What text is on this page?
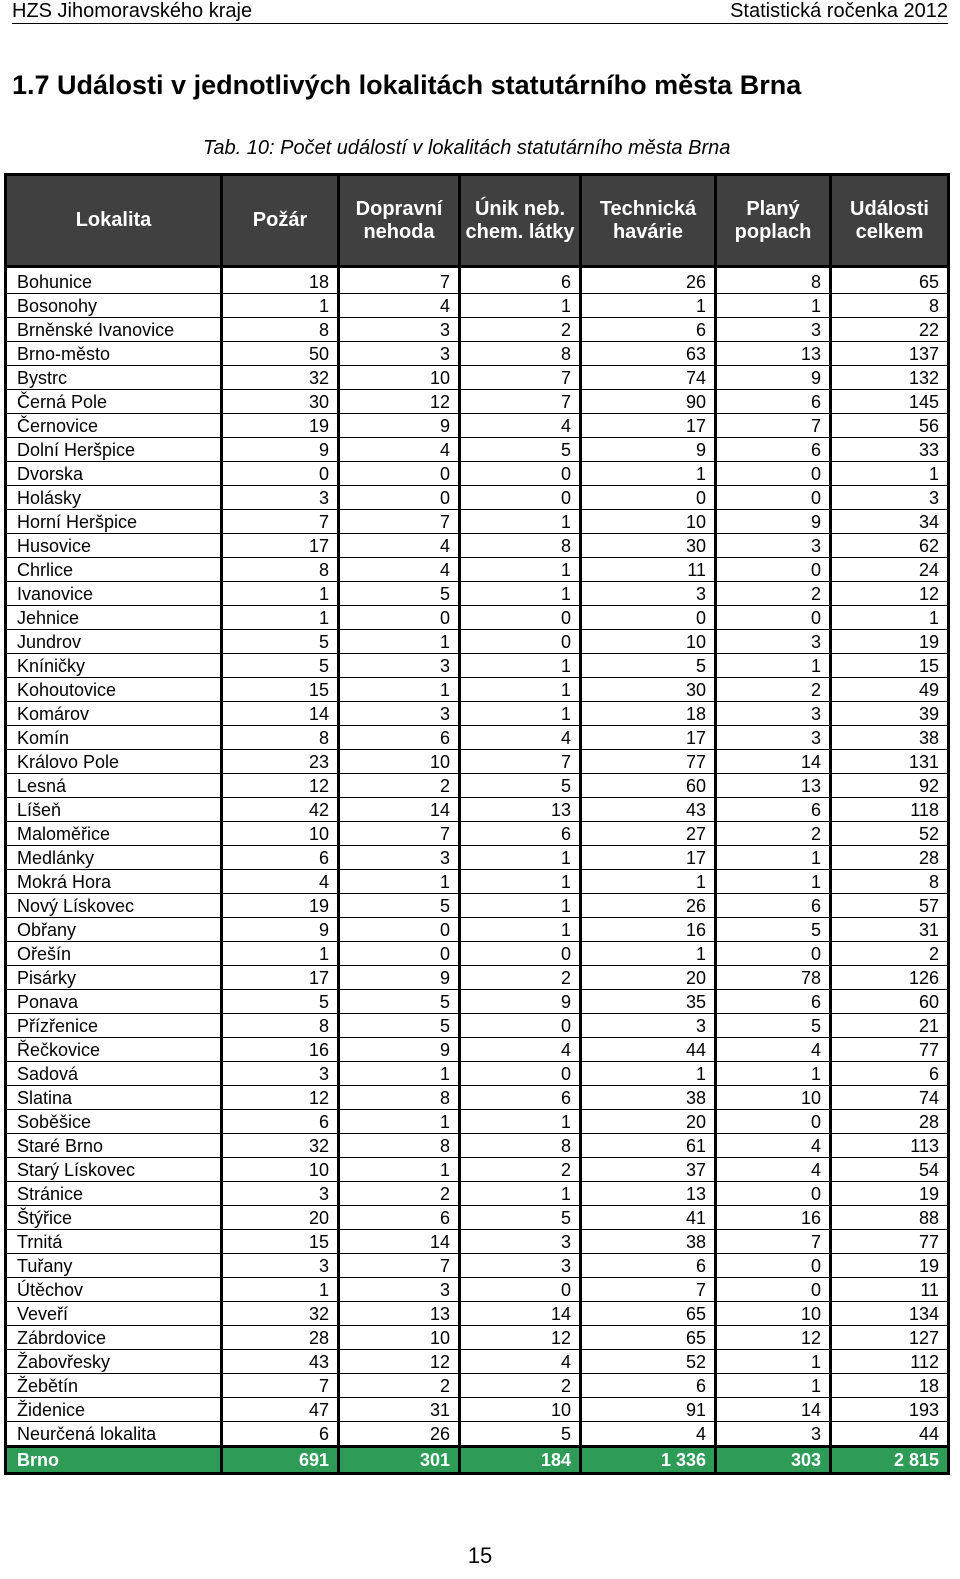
HZS Jihomoravského kraje	Statistická ročenka 2012
1.7 Události v jednotlivých lokalitách statutárního města Brna
Tab. 10: Počet událostí v lokalitách statutárního města Brna
Lokalita	Požár	Dopravní nehoda	Únik neb. chem. látky	Technická havárie	Planý poplach	Události celkem
Bohunice	18	7	6	26	8	65
Bosonohy	1	4	1	1	1	8
Brněnské Ivanovice	8	3	2	6	3	22
Brno-město	50	3	8	63	13	137
Bystrc	32	10	7	74	9	132
Černá Pole	30	12	7	90	6	145
Černovice	19	9	4	17	7	56
Dolní Heršpice	9	4	5	9	6	33
Dvorska	0	0	0	1	0	1
Holásky	3	0	0	0	0	3
Horní Heršpice	7	7	1	10	9	34
Husovice	17	4	8	30	3	62
Chrlice	8	4	1	11	0	24
Ivanovice	1	5	1	3	2	12
Jehnice	1	0	0	0	0	1
Jundrov	5	1	0	10	3	19
Kníničky	5	3	1	5	1	15
Kohoutovice	15	1	1	30	2	49
Komárov	14	3	1	18	3	39
Komín	8	6	4	17	3	38
Královo Pole	23	10	7	77	14	131
Lesná	12	2	5	60	13	92
Líšeň	42	14	13	43	6	118
Maloměřice	10	7	6	27	2	52
Medlánky	6	3	1	17	1	28
Mokrá Hora	4	1	1	1	1	8
Nový Lískovec	19	5	1	26	6	57
Obřany	9	0	1	16	5	31
Ořešín	1	0	0	1	0	2
Pisárky	17	9	2	20	78	126
Ponava	5	5	9	35	6	60
Přízřenice	8	5	0	3	5	21
Řečkovice	16	9	4	44	4	77
Sadová	3	1	0	1	1	6
Slatina	12	8	6	38	10	74
Soběšice	6	1	1	20	0	28
Staré Brno	32	8	8	61	4	113
Starý Lískovec	10	1	2	37	4	54
Stránice	3	2	1	13	0	19
Štýřice	20	6	5	41	16	88
Trnitá	15	14	3	38	7	77
Tuřany	3	7	3	6	0	19
Útěchov	1	3	0	7	0	11
Veveří	32	13	14	65	10	134
Zábrdovice	28	10	12	65	12	127
Žabovřesky	43	12	4	52	1	112
Žebětín	7	2	2	6	1	18
Židenice	47	31	10	91	14	193
Neurčená lokalita	6	26	5	4	3	44
Brno	691	301	184	1 336	303	2 815
15
